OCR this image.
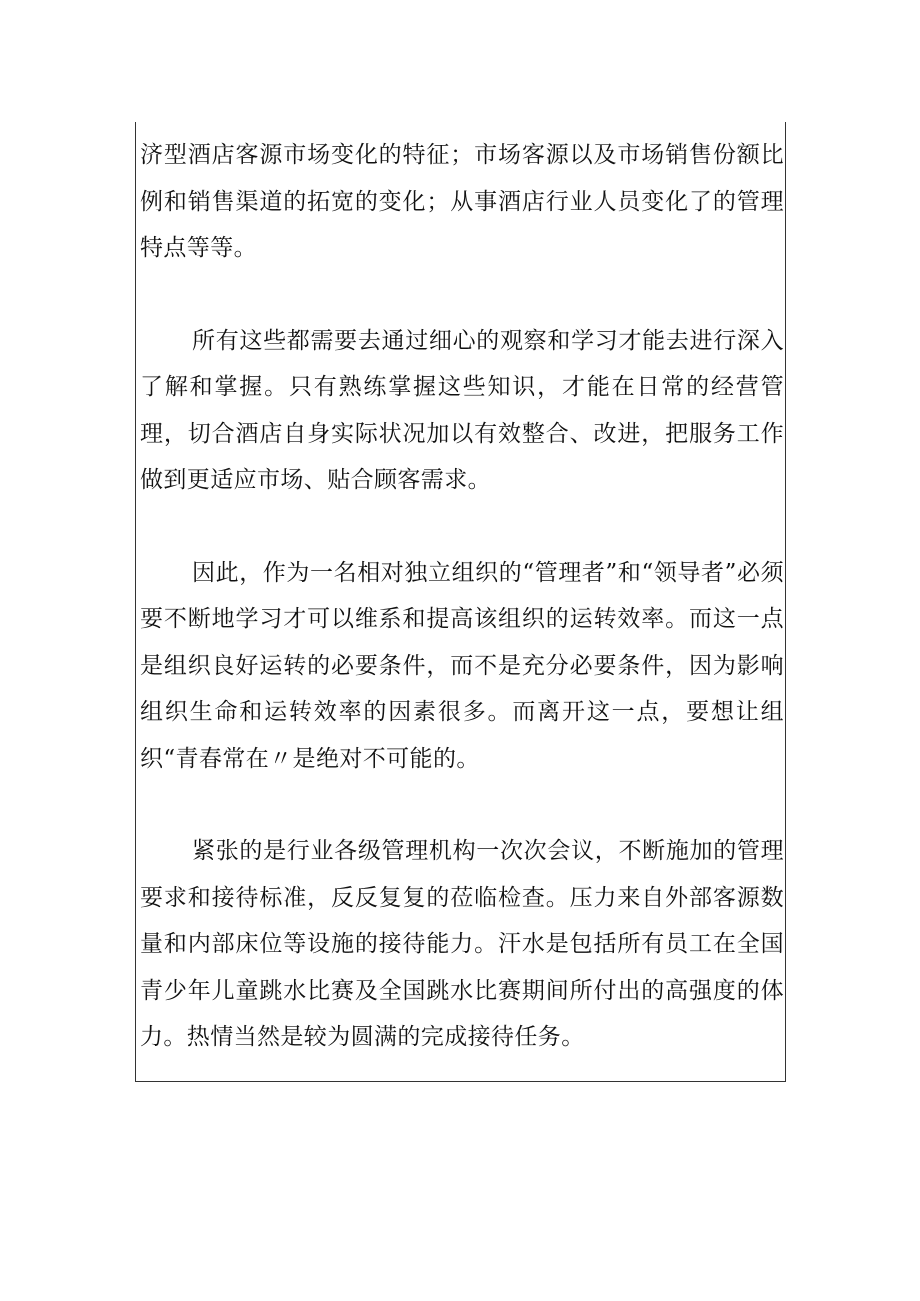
济型酒店客源市场变化的特征；市场客源以及市场销售份额比例和销售渠道的拓宽的变化；从事酒店行业人员变化了的管理特点等等。

所有这些都需要去通过细心的观察和学习才能去进行深入了解和掌握。只有熟练掌握这些知识，才能在日常的经营管理，切合酒店自身实际状况加以有效整合、改进，把服务工作做到更适应市场、贴合顾客需求。

因此，作为一名相对独立组织的“管理者”和“领导者”必须要不断地学习才可以维系和提高该组织的运转效率。而这一点是组织良好运转的必要条件，而不是充分必要条件，因为影响组织生命和运转效率的因素很多。而离开这一点，要想让组织“青春常在〃是绝对不可能的。

紧张的是行业各级管理机构一次次会议，不断施加的管理要求和接待标准，反反复复的莅临检查。压力来自外部客源数量和内部床位等设施的接待能力。汗水是包括所有员工在全国青少年儿童跳水比赛及全国跳水比赛期间所付出的高强度的体力。热情当然是较为圆满的完成接待任务。
